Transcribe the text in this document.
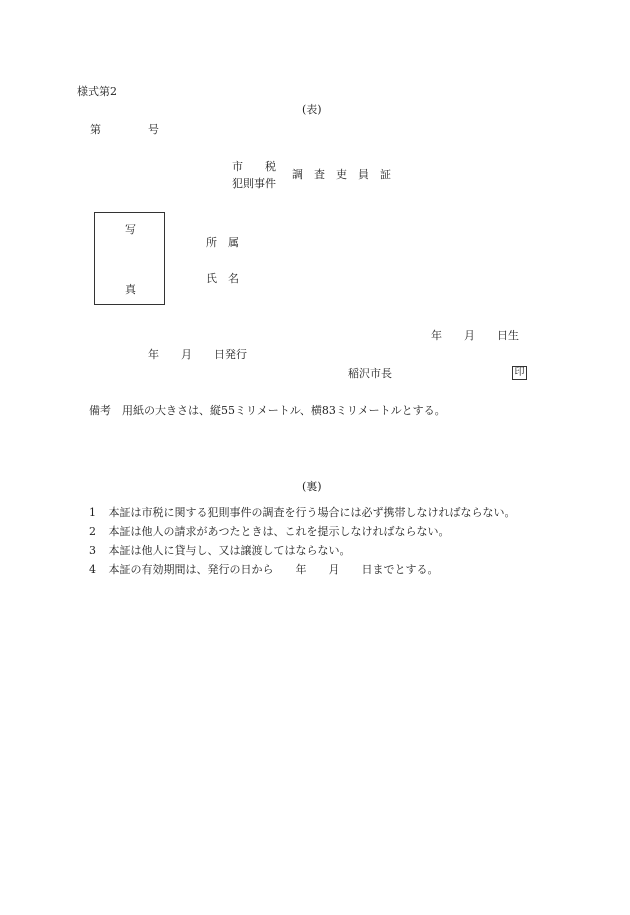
様式第2
(表)
第	号
市　　税
犯則事件
調　査　吏　員　証
写
真
所　属
氏　名
年　　月　　日生
年　　月　　日発行
稲沢市長	印
備考　用紙の大きさは、縦55ミリメートル、横83ミリメートルとする。
(裏)
1 本証は市税に関する犯則事件の調査を行う場合には必ず携帯しなければならない。
2 本証は他人の請求があつたときは、これを提示しなければならない。
3 本証は他人に貸与し、又は譲渡してはならない。
4 本証の有効期間は、発行の日から　　年　　月　　日までとする。
